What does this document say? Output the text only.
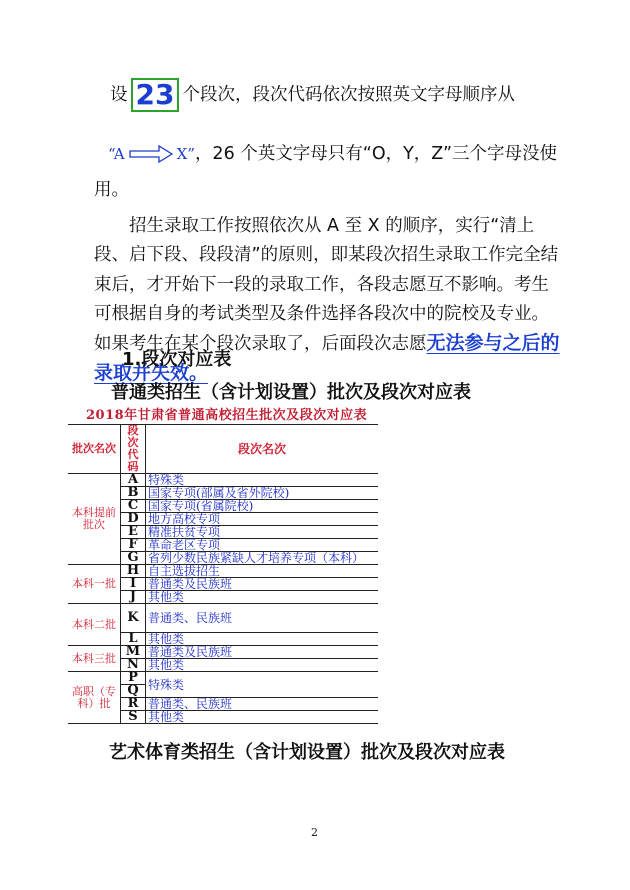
设 23 个段次，段次代码依次按照英文字母顺序从
“A	X” ，26 个英文字母只有“O，Y，Z”三个字母没使
用。
招生录取工作按照依次从 A 至 X 的顺序，实行“清上段、启下段、段段清”的原则，即某段次招生录取工作完全结束后，才开始下一段的录取工作，各段志愿互不影响。考生可根据自身的考试类型及条件选择各段次中的院校及专业。如果考生在某个段次录取了，后面段次志愿无法参与之后的录取并失效。
1.段次对应表
普通类招生（含计划设置）批次及段次对应表
2018年甘肃省普通高校招生批次及段次对应表
批次名次	段次代码	段次名次
本科提前批次	A	特殊类
	B	国家专项(部属及省外院校)
	C	国家专项(省属院校)
	D	地方高校专项
	E	精准扶贫专项
	F	革命老区专项
	G	省列少数民族紧缺人才培养专项（本科）
本科一批	H	自主选拔招生
	I	普通类及民族班
	J	其他类
本科二批	K	普通类、民族班
	L	其他类
本科三批	M	普通类及民族班
	N	其他类
高职（专科）批	P	特殊类
	Q	
	R	普通类、民族班
	S	其他类
艺术体育类招生（含计划设置）批次及段次对应表
2
